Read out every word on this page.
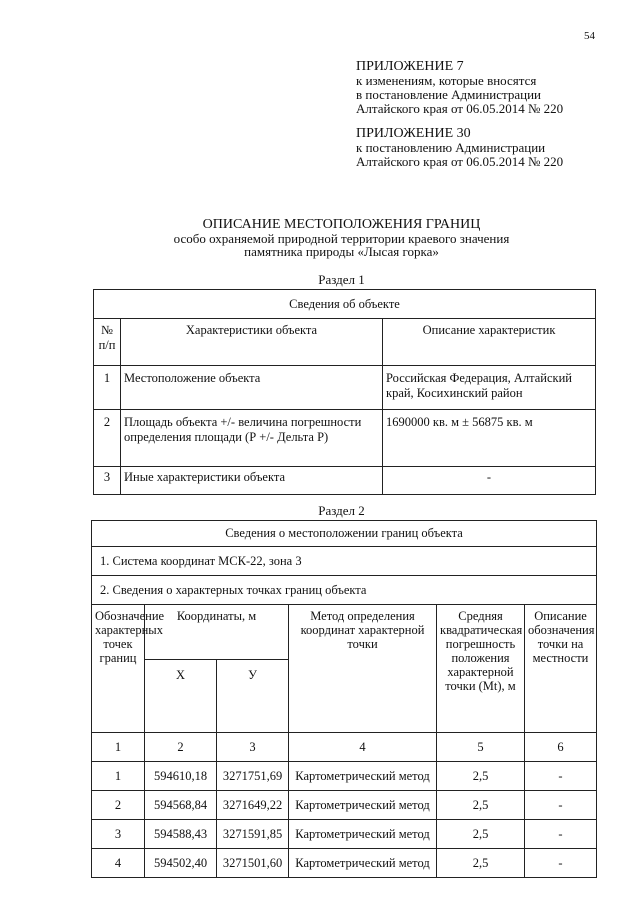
54
ПРИЛОЖЕНИЕ 7
к изменениям, которые вносятся
в постановление Администрации
Алтайского края от 06.05.2014 № 220
ПРИЛОЖЕНИЕ 30
к постановлению Администрации
Алтайского края от 06.05.2014 № 220
ОПИСАНИЕ МЕСТОПОЛОЖЕНИЯ ГРАНИЦ
особо охраняемой природной территории краевого значения
памятника природы «Лысая горка»
Раздел 1
Сведения об объекте		
№ п/п	Характеристики объекта	Описание характеристик
1	Местоположение объекта	Российская Федерация, Алтайский край, Косихинский район
2	Площадь объекта +/- величина погрешности определения площади (Р +/- Дельта Р)	1690000 кв. м ± 56875 кв. м
3	Иные характеристики объекта	-
Раздел 2
Сведения о местоположении границ объекта					
1. Система координат МСК-22, зона 3					
2. Сведения о характерных точках границ объекта					
Обозначение характерных точек границ	Координаты, м		Метод определения координат характерной точки	Средняя квадратическая погрешность положения характерной точки (Mt), м	Описание обозначения точки на местности
	X	У			
1	2	3	4	5	6
1	594610,18	3271751,69	Картометрический метод	2,5	-
2	594568,84	3271649,22	Картометрический метод	2,5	-
3	594588,43	3271591,85	Картометрический метод	2,5	-
4	594502,40	3271501,60	Картометрический метод	2,5	-
